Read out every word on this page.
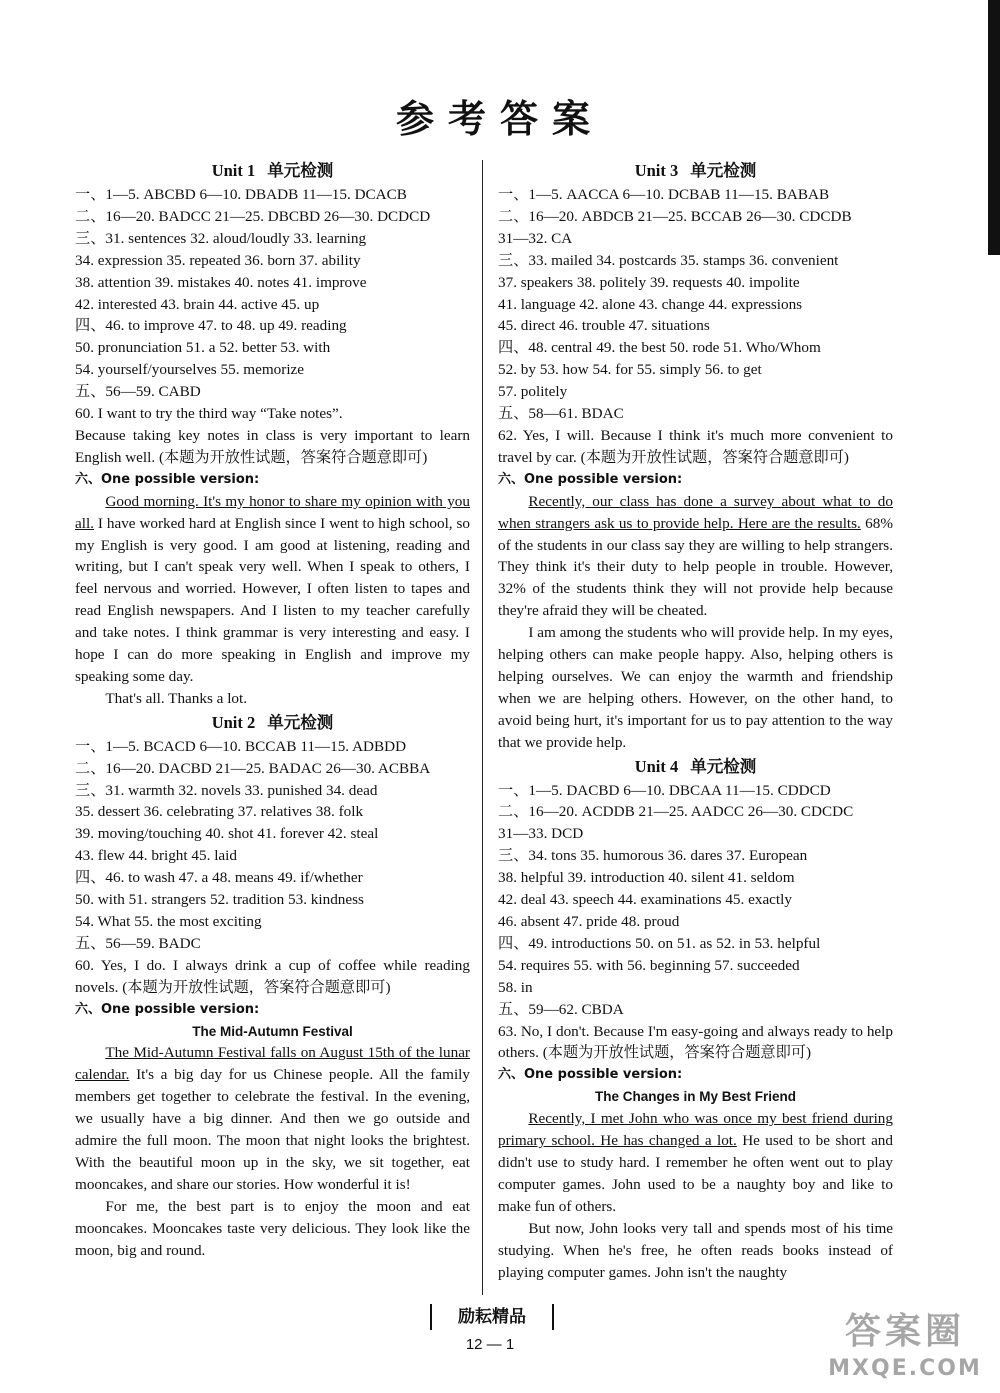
参考答案
Unit 1 单元检测
一、1—5. ABCBD 6—10. DBADB 11—15. DCACB
二、16—20. BADCC 21—25. DBCBD 26—30. DCDCD
三、31. sentences 32. aloud/loudly 33. learning
34. expression 35. repeated 36. born 37. ability
38. attention 39. mistakes 40. notes 41. improve
42. interested 43. brain 44. active 45. up
四、46. to improve 47. to 48. up 49. reading
50. pronunciation 51. a 52. better 53. with
54. yourself/yourselves 55. memorize
五、56—59. CABD
60. I want to try the third way “Take notes”.
Because taking key notes in class is very important to learn English well. (本题为开放性试题，答案符合题意即可)
六、One possible version:

Good morning. It's my honor to share my opinion with you all. I have worked hard at English since I went to high school, so my English is very good. I am good at listening, reading and writing, but I can't speak very well. When I speak to others, I feel nervous and worried. However, I often listen to tapes and read English newspapers. And I listen to my teacher carefully and take notes. I think grammar is very interesting and easy. I hope I can do more speaking in English and improve my speaking some day.

That's all. Thanks a lot.

Unit 2 单元检测
一、1—5. BCACD 6—10. BCCAB 11—15. ADBDD
二、16—20. DACBD 21—25. BADAC 26—30. ACBBA
三、31. warmth 32. novels 33. punished 34. dead
35. dessert 36. celebrating 37. relatives 38. folk
39. moving/touching 40. shot 41. forever 42. steal
43. flew 44. bright 45. laid
四、46. to wash 47. a 48. means 49. if/whether
50. with 51. strangers 52. tradition 53. kindness
54. What 55. the most exciting
五、56—59. BADC
60. Yes, I do. I always drink a cup of coffee while reading novels. (本题为开放性试题，答案符合题意即可)
六、One possible version:
The Mid-Autumn Festival

The Mid-Autumn Festival falls on August 15th of the lunar calendar. It's a big day for us Chinese people. All the family members get together to celebrate the festival. In the evening, we usually have a big dinner. And then we go outside and admire the full moon. The moon that night looks the brightest. With the beautiful moon up in the sky, we sit together, eat mooncakes, and share our stories. How wonderful it is!

For me, the best part is to enjoy the moon and eat mooncakes. Mooncakes taste very delicious. They look like the moon, big and round.

Unit 3 单元检测
一、1—5. AACCA 6—10. DCBAB 11—15. BABAB
二、16—20. ABDCB 21—25. BCCAB 26—30. CDCDB
31—32. CA
三、33. mailed 34. postcards 35. stamps 36. convenient
37. speakers 38. politely 39. requests 40. impolite
41. language 42. alone 43. change 44. expressions
45. direct 46. trouble 47. situations
四、48. central 49. the best 50. rode 51. Who/Whom
52. by 53. how 54. for 55. simply 56. to get
57. politely
五、58—61. BDAC
62. Yes, I will. Because I think it's much more convenient to travel by car. (本题为开放性试题，答案符合题意即可)
六、One possible version:

Recently, our class has done a survey about what to do when strangers ask us to provide help. Here are the results. 68% of the students in our class say they are willing to help strangers. They think it's their duty to help people in trouble. However, 32% of the students think they will not provide help because they're afraid they will be cheated.

I am among the students who will provide help. In my eyes, helping others can make people happy. Also, helping others is helping ourselves. We can enjoy the warmth and friendship when we are helping others. However, on the other hand, to avoid being hurt, it's important for us to pay attention to the way that we provide help.

Unit 4 单元检测
一、1—5. DACBD 6—10. DBCAA 11—15. CDDCD
二、16—20. ACDDB 21—25. AADCC 26—30. CDCDC
31—33. DCD
三、34. tons 35. humorous 36. dares 37. European
38. helpful 39. introduction 40. silent 41. seldom
42. deal 43. speech 44. examinations 45. exactly
46. absent 47. pride 48. proud
四、49. introductions 50. on 51. as 52. in 53. helpful
54. requires 55. with 56. beginning 57. succeeded
58. in
五、59—62. CBDA
63. No, I don't. Because I'm easy-going and always ready to help others. (本题为开放性试题，答案符合题意即可)
六、One possible version:
The Changes in My Best Friend

Recently, I met John who was once my best friend during primary school. He has changed a lot. He used to be short and didn't use to study hard. I remember he often went out to play computer games. John used to be a naughty boy and like to make fun of others.

But now, John looks very tall and spends most of his time studying. When he's free, he often reads books instead of playing computer games. John isn't the naughty

励耘精品
12 — 1	答案圈
MXQE.COM
